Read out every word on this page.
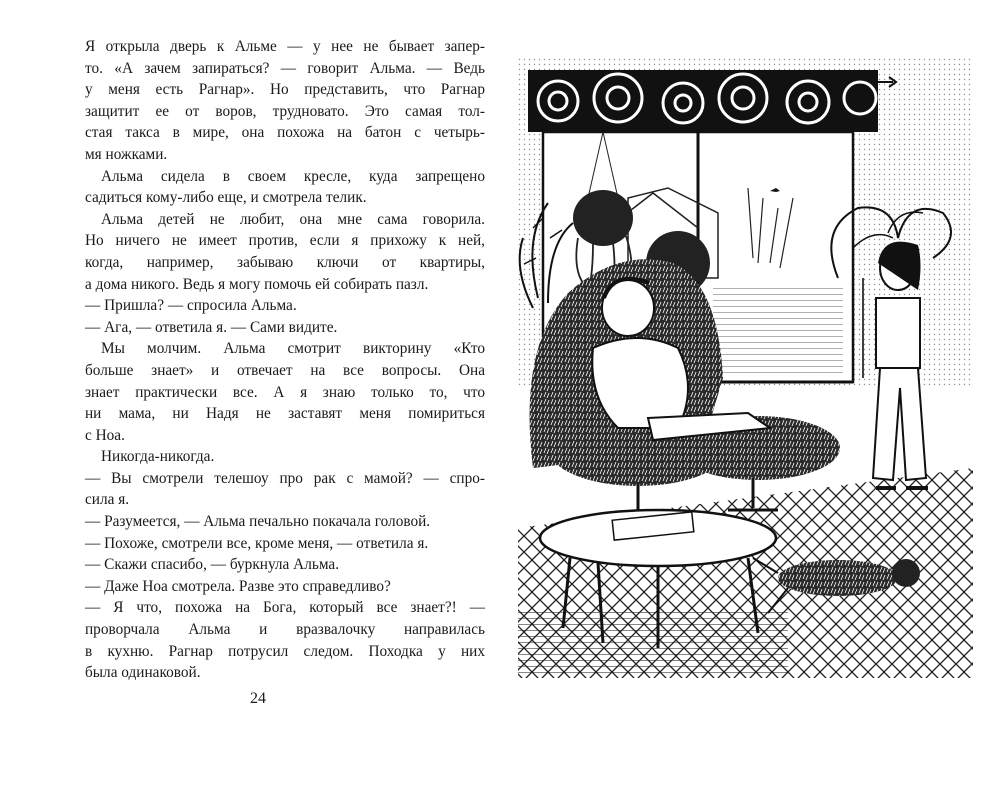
Я открыла дверь к Альме — у нее не бывает запер-
то. «А зачем запираться? — говорит Альма. — Ведь
у меня есть Рагнар». Но представить, что Рагнар
защитит ее от воров, трудновато. Это самая тол-
стая такса в мире, она похожа на батон с четырь-
мя ножками.
Альма сидела в своем кресле, куда запрещено
садиться кому-либо еще, и смотрела телик.
Альма детей не любит, она мне сама говорила.
Но ничего не имеет против, если я прихожу к ней,
когда, например, забываю ключи от квартиры,
а дома никого. Ведь я могу помочь ей собирать пазл.
— Пришла? — спросила Альма.
— Ага, — ответила я. — Сами видите.
Мы молчим. Альма смотрит викторину «Кто
больше знает» и отвечает на все вопросы. Она
знает практически все. А я знаю только то, что
ни мама, ни Надя не заставят меня помириться
с Ноа.
Никогда-никогда.
— Вы смотрели телешоу про рак с мамой? — спро-
сила я.
— Разумеется, — Альма печально покачала головой.
— Похоже, смотрели все, кроме меня, — ответила я.
— Скажи спасибо, — буркнула Альма.
— Даже Ноа смотрела. Разве это справедливо?
— Я что, похожа на Бога, который все знает?! —
проворчала Альма и вразвалочку направилась
в кухню. Рагнар потрусил следом. Походка у них
была одинаковой.
24
